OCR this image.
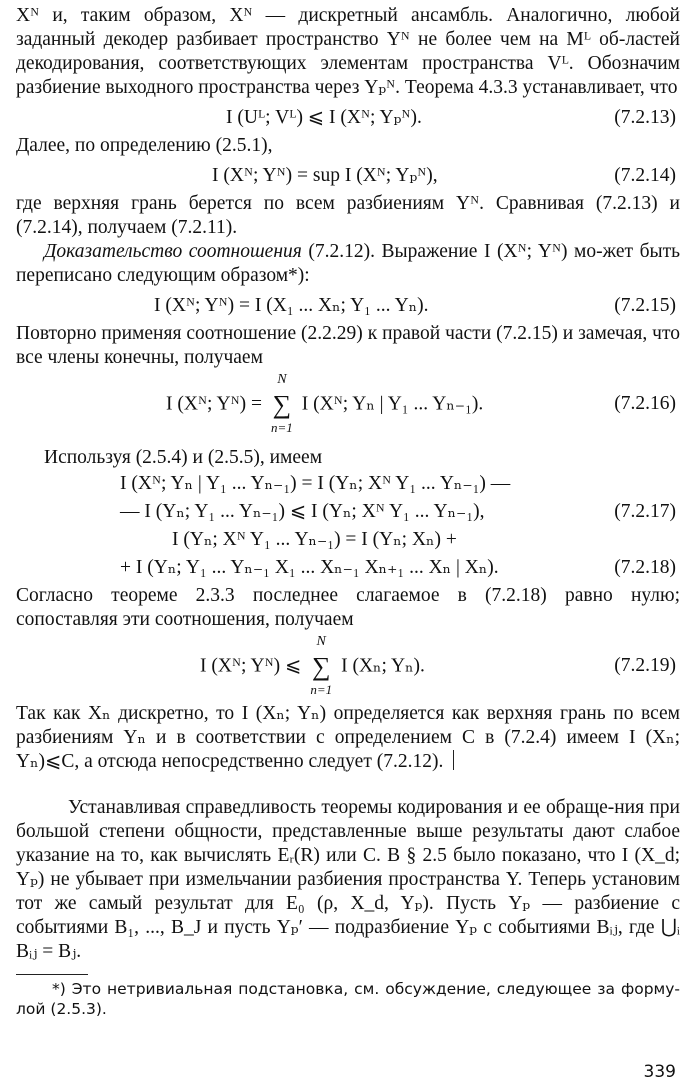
Xᴺ и, таким образом, Xᴺ — дискретный ансамбль. Аналогично, любой заданный декодер разбивает пространство Yᴺ не более чем на Mᴸ об-ластей декодирования, соответствующих элементам пространства Vᴸ. Обозначим разбиение выходного пространства через Yₚᴺ. Теорема 4.3.3 устанавливает, что

I (Uᴸ; Vᴸ) ⩽ I (Xᴺ; Yₚᴺ).	(7.2.13)

Далее, по определению (2.5.1),

I (Xᴺ; Yᴺ) = sup I (Xᴺ; Yₚᴺ),	(7.2.14)

где верхняя грань берется по всем разбиениям Yᴺ. Сравнивая (7.2.13) и (7.2.14), получаем (7.2.11).

Доказательство соотношения (7.2.12). Выражение I (Xᴺ; Yᴺ) мо-жет быть переписано следующим образом*):

I (Xᴺ; Yᴺ) = I (X₁ ... Xₙ; Y₁ ... Yₙ).	(7.2.15)

Повторно применяя соотношение (2.2.29) к правой части (7.2.15) и замечая, что все члены конечны, получаем

I (Xᴺ; Yᴺ) =
N
∑
n=1
I (Xᴺ; Yₙ | Y₁ ... Yₙ₋₁).	(7.2.16)

Используя (2.5.4) и (2.5.5), имеем

I (Xᴺ; Yₙ | Y₁ ... Yₙ₋₁) = I (Yₙ; Xᴺ Y₁ ... Yₙ₋₁) —
— I (Yₙ; Y₁ ... Yₙ₋₁) ⩽ I (Yₙ; Xᴺ Y₁ ... Yₙ₋₁),	(7.2.17)
I (Yₙ; Xᴺ Y₁ ... Yₙ₋₁) = I (Yₙ; Xₙ) +
+ I (Yₙ; Y₁ ... Yₙ₋₁ X₁ ... Xₙ₋₁ Xₙ₊₁ ... Xₙ | Xₙ).	(7.2.18)

Согласно теореме 2.3.3 последнее слагаемое в (7.2.18) равно нулю; сопоставляя эти соотношения, получаем

I (Xᴺ; Yᴺ) ⩽
N
∑
n=1
I (Xₙ; Yₙ).	(7.2.19)

Так как Xₙ дискретно, то I (Xₙ; Yₙ) определяется как верхняя грань по всем разбиениям Yₙ и в соответствии с определением C в (7.2.4) имеем I (Xₙ; Yₙ)⩽C, а отсюда непосредственно следует (7.2.12).

Устанавливая справедливость теоремы кодирования и ее обраще-ния при большой степени общности, представленные выше результаты дают слабое указание на то, как вычислять Eᵣ(R) или C. В § 2.5 было показано, что I (X_d; Yₚ) не убывает при измельчании разбиения пространства Y. Теперь установим тот же самый результат для E₀ (ρ, X_d, Yₚ). Пусть Yₚ — разбиение с событиями B₁, ..., B_J и пусть Yₚ′ — подразбиение Yₚ с событиями Bᵢⱼ, где ⋃ᵢ Bᵢⱼ = Bⱼ.

*) Это нетривиальная подстановка, см. обсуждение, следующее за форму-лой (2.5.3).

339
